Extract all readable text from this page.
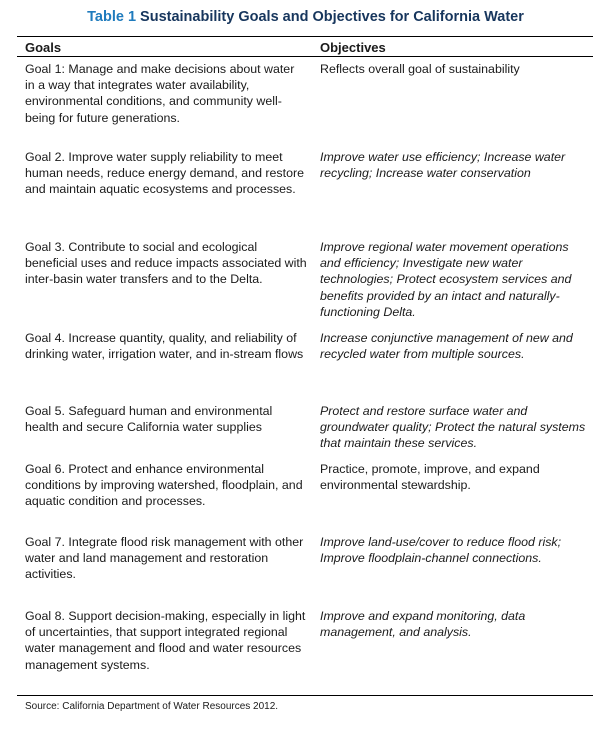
Table 1 Sustainability Goals and Objectives for California Water
Goals	Objectives
Goal 1: Manage and make decisions about water in a way that integrates water availability, environmental conditions, and community well-being for future generations.
Reflects overall goal of sustainability
Goal 2. Improve water supply reliability to meet human needs, reduce energy demand, and restore and maintain aquatic ecosystems and processes.
Improve water use efficiency; Increase water recycling; Increase water conservation
Goal 3. Contribute to social and ecological beneficial uses and reduce impacts associated with inter-basin water transfers and to the Delta.
Improve regional water movement operations and efficiency; Investigate new water technologies; Protect ecosystem services and benefits provided by an intact and naturally-functioning Delta.
Goal 4. Increase quantity, quality, and reliability of drinking water, irrigation water, and in-stream flows
Increase conjunctive management of new and recycled water from multiple sources.
Goal 5. Safeguard human and environmental health and secure California water supplies
Protect and restore surface water and groundwater quality; Protect the natural systems that maintain these services.
Goal 6. Protect and enhance environmental conditions by improving watershed, floodplain, and aquatic condition and processes.
Practice, promote, improve, and expand environmental stewardship.
Goal 7. Integrate flood risk management with other water and land management and restoration activities.
Improve land-use/cover to reduce flood risk; Improve floodplain-channel connections.
Goal 8. Support decision-making, especially in light of uncertainties, that support integrated regional water management and flood and water resources management systems.
Improve and expand monitoring, data management, and analysis.
Source: California Department of Water Resources 2012.
